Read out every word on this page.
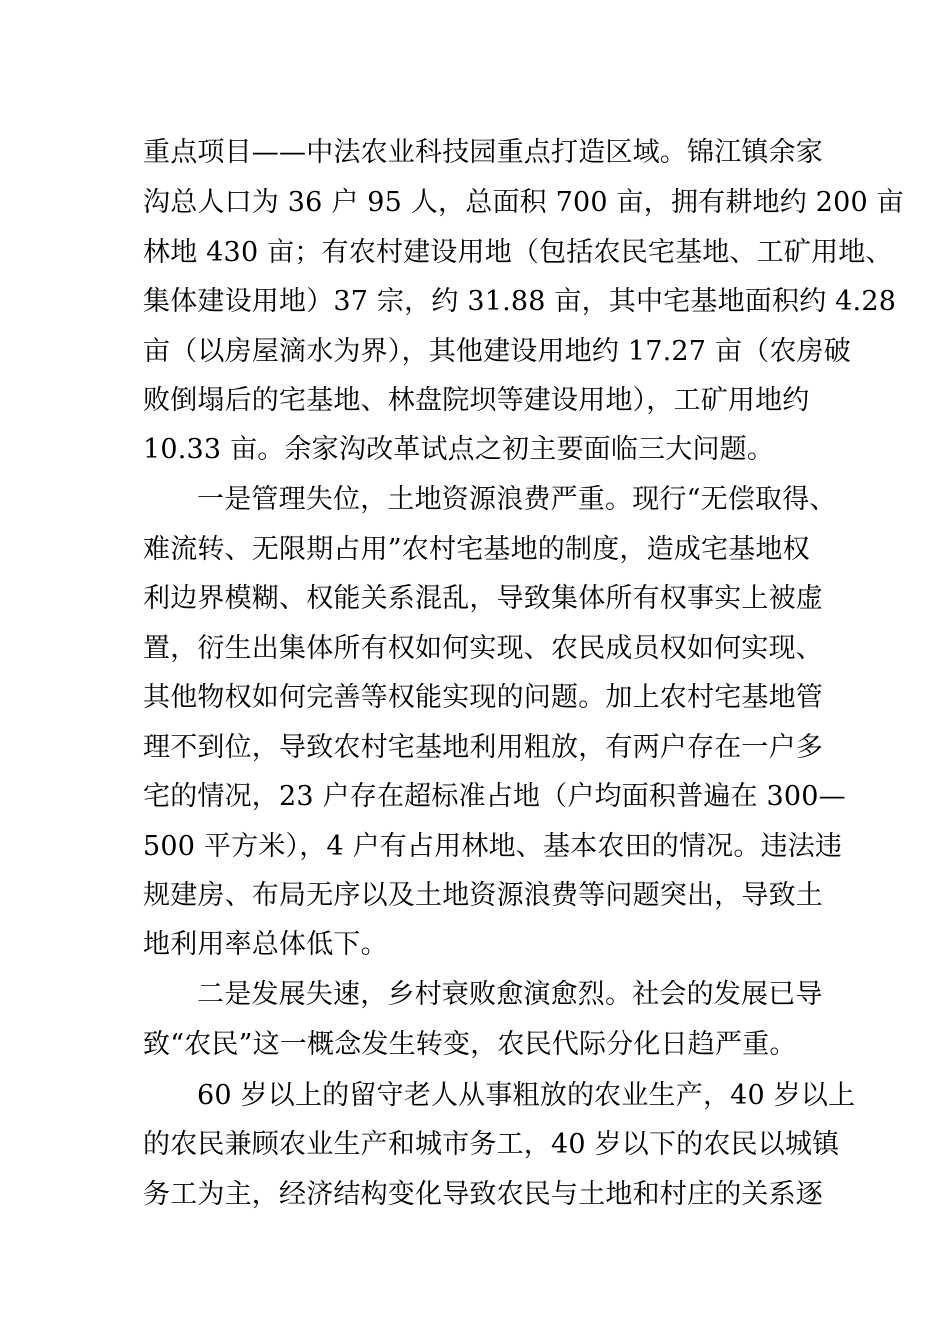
重点项目——中法农业科技园重点打造区域。锦江镇余家
沟总人口为 36 户 95 人，总面积 700 亩，拥有耕地约 200 亩
林地 430 亩；有农村建设用地（包括农民宅基地、工矿用地、
集体建设用地）37 宗，约 31.88 亩，其中宅基地面积约 4.28
亩（以房屋滴水为界），其他建设用地约 17.27 亩（农房破
败倒塌后的宅基地、林盘院坝等建设用地），工矿用地约
10.33 亩。余家沟改革试点之初主要面临三大问题。
一是管理失位，土地资源浪费严重。现行“无偿取得、
难流转、无限期占用”农村宅基地的制度，造成宅基地权
利边界模糊、权能关系混乱，导致集体所有权事实上被虚
置，衍生出集体所有权如何实现、农民成员权如何实现、
其他物权如何完善等权能实现的问题。加上农村宅基地管
理不到位，导致农村宅基地利用粗放，有两户存在一户多
宅的情况，23 户存在超标准占地（户均面积普遍在 300—
500 平方米），4 户有占用林地、基本农田的情况。违法违
规建房、布局无序以及土地资源浪费等问题突出，导致土
地利用率总体低下。
二是发展失速，乡村衰败愈演愈烈。社会的发展已导
致“农民”这一概念发生转变，农民代际分化日趋严重。
60 岁以上的留守老人从事粗放的农业生产，40 岁以上
的农民兼顾农业生产和城市务工，40 岁以下的农民以城镇
务工为主，经济结构变化导致农民与土地和村庄的关系逐
